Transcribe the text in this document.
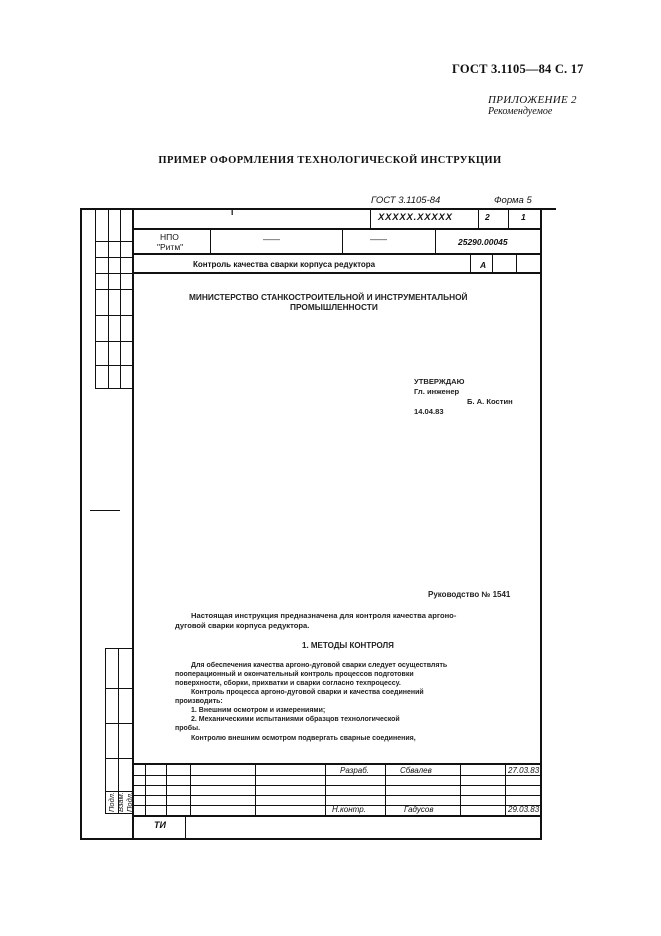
ГОСТ 3.1105—84 С. 17
ПРИЛОЖЕНИЕ 2
Рекомендуемое
ПРИМЕР ОФОРМЛЕНИЯ ТЕХНОЛОГИЧЕСКОЙ ИНСТРУКЦИИ
ГОСТ 3.1105-84	Форма 5
I	ХХХХХ.ХХХХХ	2	1
НПО
"Ритм"
——	——	25290.00045
Контроль качества сварки корпуса редуктора	А
МИНИСТЕРСТВО СТАНКОСТРОИТЕЛЬНОЙ И ИНСТРУМЕНТАЛЬНОЙ
ПРОМЫШЛЕННОСТИ
УТВЕРЖДАЮ
Гл. инженер
Б. А. Костин
14.04.83
Руководство № 1541
Настоящая инструкция предназначена для контроля качества аргоно-
дуговой сварки корпуса редуктора.
1. МЕТОДЫ КОНТРОЛЯ
Для обеспечения качества аргоно-дуговой сварки следует осуществлять
пооперационный и окончательный контроль процессов подготовки
поверхности, сборки, прихватки и сварки согласно техпроцессу.
Контроль процесса аргоно-дуговой сварки и качества соединений
производить:
1. Внешним осмотром и измерениями;
2. Механическими испытаниями образцов технологической
пробы.
Контролю внешним осмотром подвергать сварные соединения,
Разраб.	Сбвалев	27.03.83
Н.контр.	Гадусов	29.03.83
ТИ
Подл. Взам. Подл.
